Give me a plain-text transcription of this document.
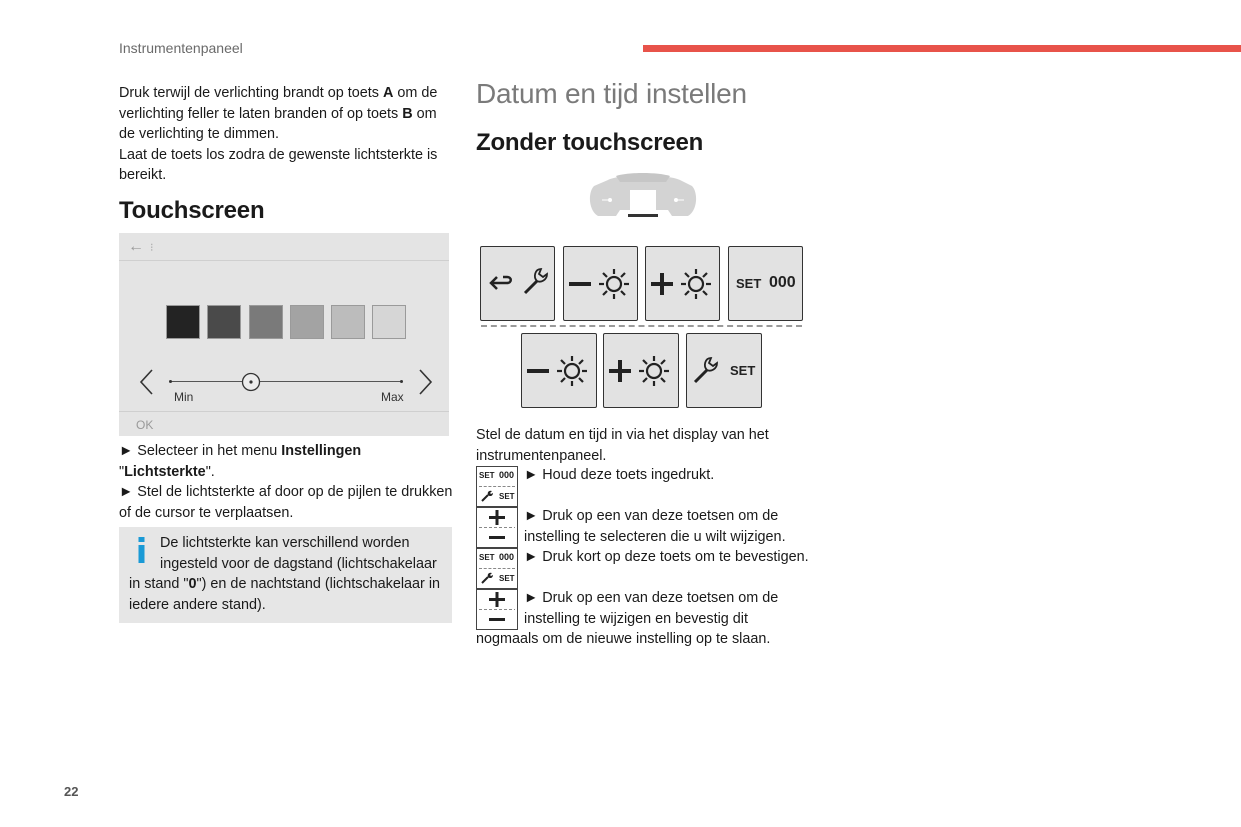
Instrumentenpaneel
Druk terwijl de verlichting brandt op toets A om de
verlichting feller te laten branden of op toets B om
de verlichting te dimmen.
Laat de toets los zodra de gewenste lichtsterkte is
bereikt.
Touchscreen
← ⁝
Min	Max
OK
► Selecteer in het menu Instellingen
"Lichtsterkte".
► Stel de lichtsterkte af door op de pijlen te drukken
of de cursor te verplaatsen.
De lichtsterkte kan verschillend worden
ingesteld voor de dagstand (lichtschakelaar
in stand "0") en de nachtstand (lichtschakelaar in
iedere andere stand).
Datum en tijd instellen
Zonder touchscreen
SET 000
SET
Stel de datum en tijd in via het display van het
instrumentenpaneel.
SET 000
SET
► Houd deze toets ingedrukt.
► Druk op een van deze toetsen om de
instelling te selecteren die u wilt wijzigen.
SET 000
SET
► Druk kort op deze toets om te bevestigen.
► Druk op een van deze toetsen om de
instelling te wijzigen en bevestig dit
nogmaals om de nieuwe instelling op te slaan.
22
